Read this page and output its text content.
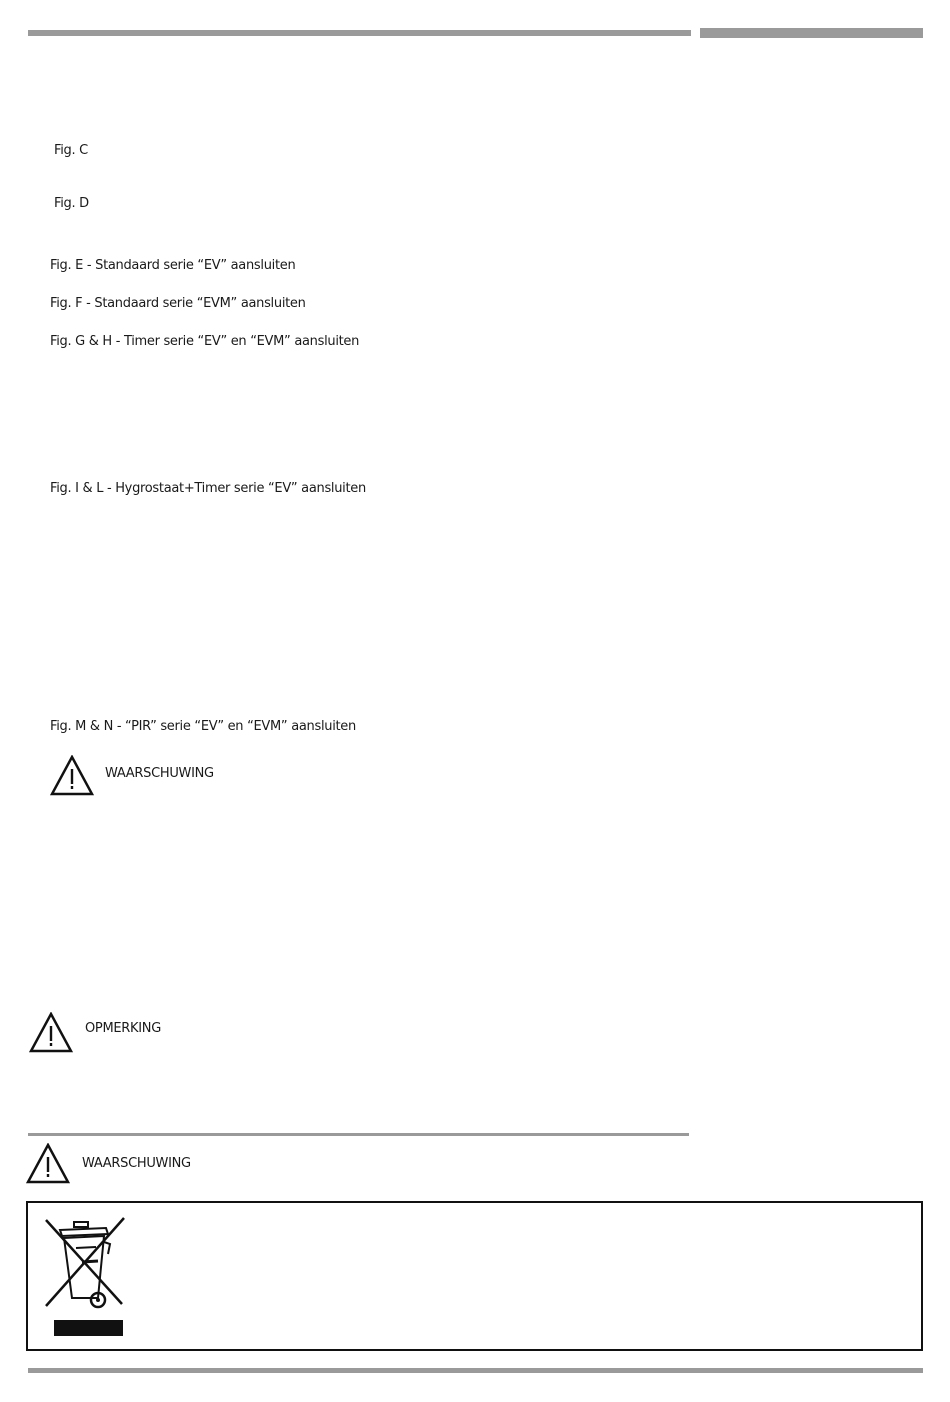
Fig. C
Fig. D
Fig. E - Standaard serie “EV” aansluiten
Fig. F - Standaard serie “EVM” aansluiten
Fig. G & H - Timer serie “EV” en “EVM” aansluiten
Fig. I & L - Hygrostaat+Timer serie “EV” aansluiten
Fig. M & N - “PIR” serie “EV” en “EVM” aansluiten
WAARSCHUWING
OPMERKING
WAARSCHUWING
